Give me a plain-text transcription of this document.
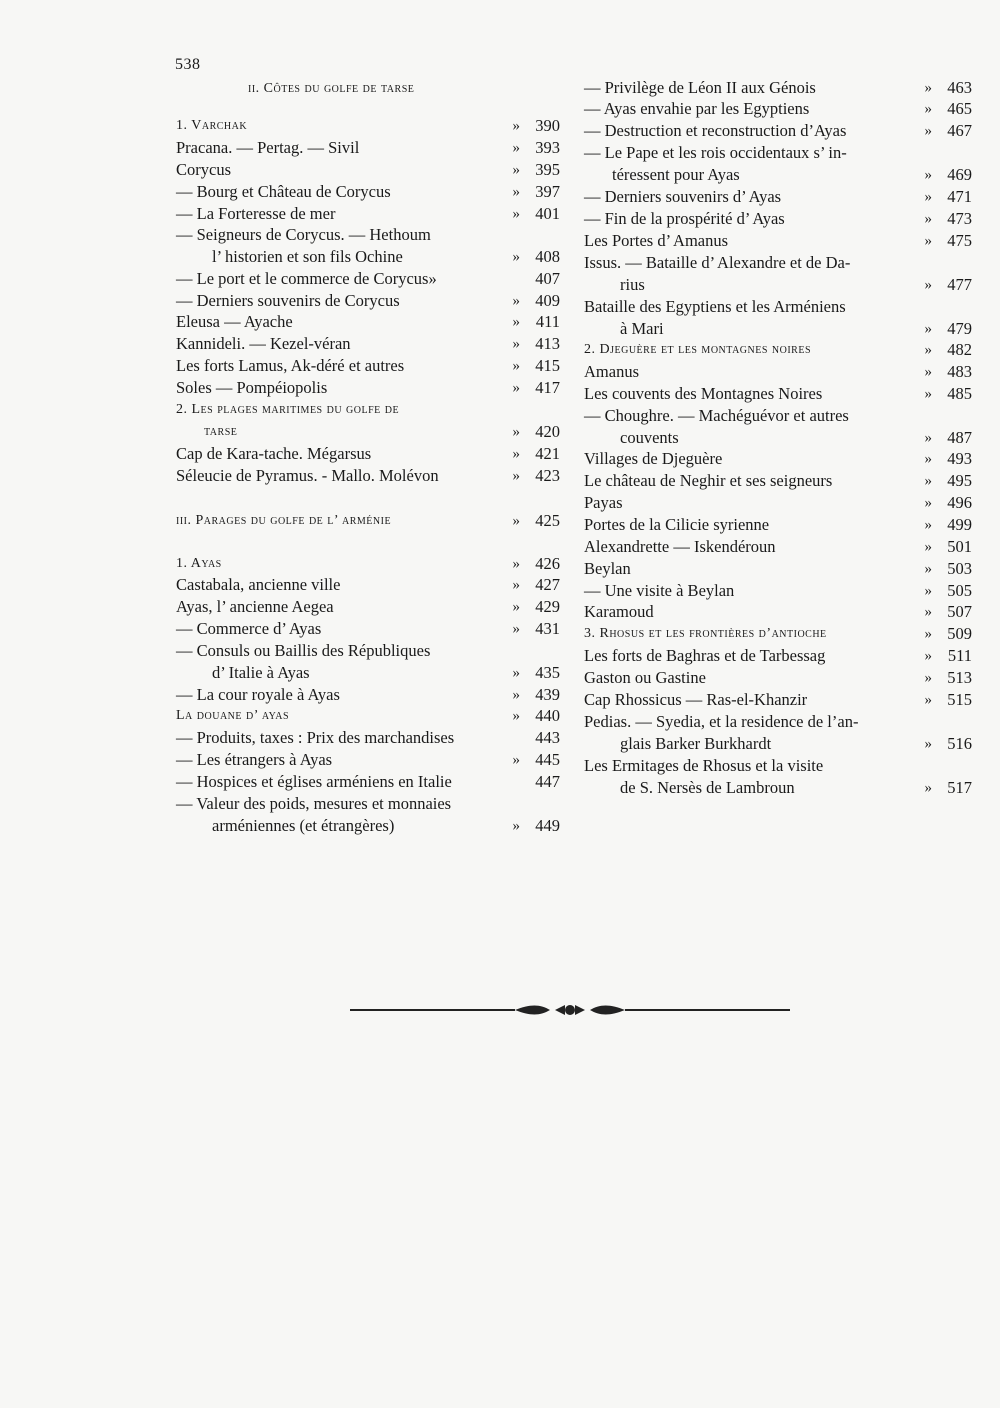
538
ii. Côtes du golfe de tarse
1. Varchak	» 390
Pracana. — Pertag. — Sivil	» 393
Corycus	» 395
— Bourg et Château de Corycus	» 397
— La Forteresse de mer	» 401
— Seigneurs de Corycus. — Hethoum
l’ historien et son fils Ochine	» 408
— Le port et le commerce de Corycus»	407
— Derniers souvenirs de Corycus	» 409
Eleusa — Ayache	» 411
Kannideli. — Kezel-véran	» 413
Les forts Lamus, Ak-déré et autres	» 415
Soles — Pompéiopolis	» 417
2. Les plages maritimes du golfe de
tarse	» 420
Cap de Kara-tache. Mégarsus	» 421
Séleucie de Pyramus. - Mallo. Molévon	» 423
iii. Parages du golfe de l’ arménie	» 425
1. Ayas	» 426
Castabala, ancienne ville	» 427
Ayas, l’ ancienne Aegea	» 429
— Commerce d’ Ayas	» 431
— Consuls ou Baillis des Républiques
d’ Italie à Ayas	» 435
— La cour royale à Ayas	» 439
La douane d’ ayas	» 440
— Produits, taxes : Prix des marchandises	443
— Les étrangers à Ayas	» 445
— Hospices et églises arméniens en Italie	447
— Valeur des poids, mesures et monnaies
arméniennes (et étrangères)	» 449
— Privilège de Léon II aux Génois	» 463
— Ayas envahie par les Egyptiens	» 465
— Destruction et reconstruction d’Ayas	» 467
— Le Pape et les rois occidentaux s’ in-
téressent pour Ayas	» 469
— Derniers souvenirs d’ Ayas	» 471
— Fin de la prospérité d’ Ayas	» 473
Les Portes d’ Amanus	» 475
Issus. — Bataille d’ Alexandre et de Da-
rius	» 477
Bataille des Egyptiens et les Arméniens
à Mari	» 479
2. Djeguère et les montagnes noires	» 482
Amanus	» 483
Les couvents des Montagnes Noires	» 485
— Choughre. — Machéguévor et autres
couvents	» 487
Villages de Djeguère	» 493
Le château de Neghir et ses seigneurs	» 495
Payas	» 496
Portes de la Cilicie syrienne	» 499
Alexandrette — Iskendéroun	» 501
Beylan	» 503
— Une visite à Beylan	» 505
Karamoud	» 507
3. Rhosus et les frontières d’antioche	» 509
Les forts de Baghras et de Tarbessag	» 511
Gaston ou Gastine	» 513
Cap Rhossicus — Ras-el-Khanzir	» 515
Pedias. — Syedia, et la residence de l’an-
glais Barker Burkhardt	» 516
Les Ermitages de Rhosus et la visite
de S. Nersès de Lambroun	» 517
